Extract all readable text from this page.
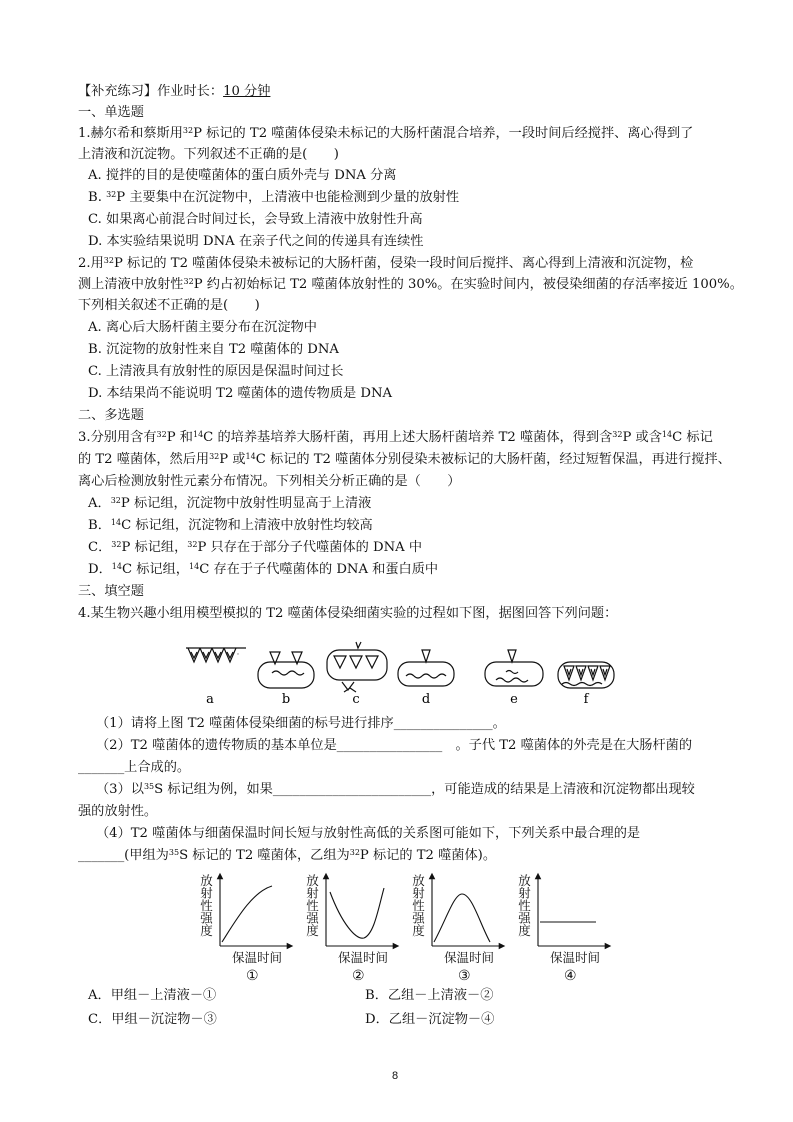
【补充练习】作业时长：10 分钟
一、单选题
1.赫尔希和蔡斯用$^{32}$P 标记的 T2 噬菌体侵染未标记的大肠杆菌混合培养，一段时间后经搅拌、离心得到了
上清液和沉淀物。下列叙述不正确的是(　　)
A. 搅拌的目的是使噬菌体的蛋白质外壳与 DNA 分离
B. $^{32}$P 主要集中在沉淀物中，上清液中也能检测到少量的放射性
C. 如果离心前混合时间过长，会导致上清液中放射性升高
D. 本实验结果说明 DNA 在亲子代之间的传递具有连续性
2.用$^{32}$P 标记的 T2 噬菌体侵染未被标记的大肠杆菌，侵染一段时间后搅拌、离心得到上清液和沉淀物，检
测上清液中放射性$^{32}$P 约占初始标记 T2 噬菌体放射性的 30%。在实验时间内，被侵染细菌的存活率接近 100%。
下列相关叙述不正确的是(　　)
A. 离心后大肠杆菌主要分布在沉淀物中
B. 沉淀物的放射性来自 T2 噬菌体的 DNA
C. 上清液具有放射性的原因是保温时间过长
D. 本结果尚不能说明 T2 噬菌体的遗传物质是 DNA
二、多选题
3.分别用含有$^{32}$P 和$^{14}$C 的培养基培养大肠杆菌，再用上述大肠杆菌培养 T2 噬菌体，得到含$^{32}$P 或含$^{14}$C 标记
的 T2 噬菌体，然后用$^{32}$P 或$^{14}$C 标记的 T2 噬菌体分别侵染未被标记的大肠杆菌，经过短暂保温，再进行搅拌、
离心后检测放射性元素分布情况。下列相关分析正确的是（　　）
A．$^{32}$P 标记组，沉淀物中放射性明显高于上清液
B．$^{14}$C 标记组，沉淀物和上清液中放射性均较高
C．$^{32}$P 标记组，$^{32}$P 只存在于部分子代噬菌体的 DNA 中
D．$^{14}$C 标记组，$^{14}$C 存在于子代噬菌体的 DNA 和蛋白质中
三、填空题
4.某生物兴趣小组用模型模拟的 T2 噬菌体侵染细菌实验的过程如下图，据图回答下列问题：
a	b	c	d	e	f
（1）请将上图 T2 噬菌体侵染细菌的标号进行排序_______________。
（2）T2 噬菌体的遗传物质的基本单位是________________　。子代 T2 噬菌体的外壳是在大肠杆菌的
_______上合成的。
（3）以$^{35}$S 标记组为例，如果________________________，可能造成的结果是上清液和沉淀物都出现较
强的放射性。
（4）T2 噬菌体与细菌保温时间长短与放射性高低的关系图可能如下，下列关系中最合理的是
_______(甲组为$^{35}$S 标记的 T2 噬菌体，乙组为$^{32}$P 标记的 T2 噬菌体)。
放射性强度
保温时间
①
放射性强度
保温时间
②
放射性强度
保温时间
③
放射性强度
保温时间
④
A．甲组－上清液－①	B．乙组－上清液－②
C．甲组－沉淀物－③	D．乙组－沉淀物－④
8
